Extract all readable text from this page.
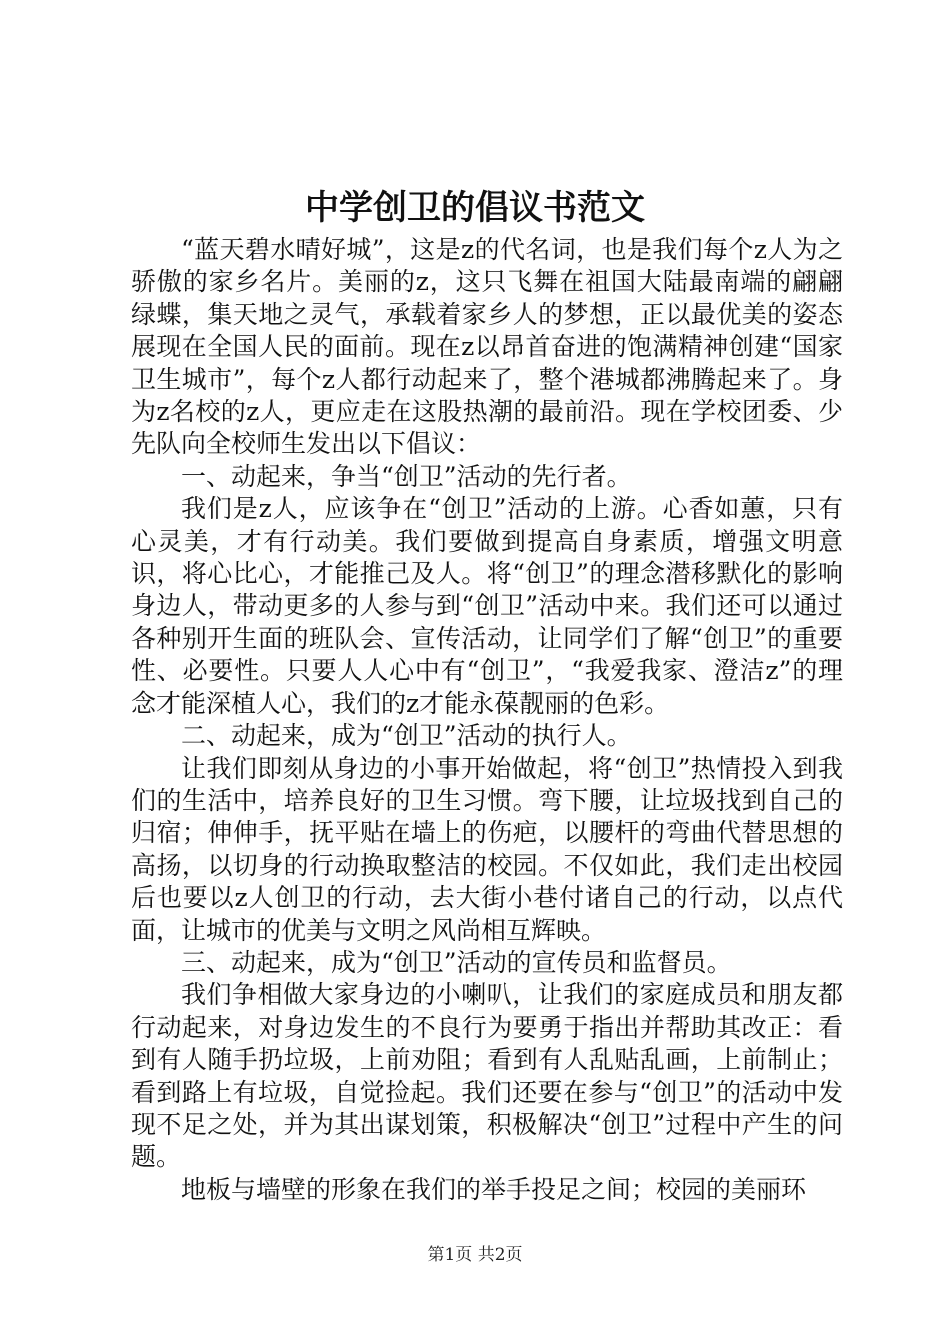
中学创卫的倡议书范文

“蓝天碧水晴好城”，这是z的代名词，也是我们每个z人为之骄傲的家乡名片。美丽的z，这只飞舞在祖国大陆最南端的翩翩绿蝶，集天地之灵气，承载着家乡人的梦想，正以最优美的姿态展现在全国人民的面前。现在z以昂首奋进的饱满精神创建“国家卫生城市”，每个z人都行动起来了，整个港城都沸腾起来了。身为z名校的z人，更应走在这股热潮的最前沿。现在学校团委、少先队向全校师生发出以下倡议：

一、动起来，争当“创卫”活动的先行者。

我们是z人，应该争在“创卫”活动的上游。心香如蕙，只有心灵美，才有行动美。我们要做到提高自身素质，增强文明意识，将心比心，才能推己及人。将“创卫”的理念潜移默化的影响身边人，带动更多的人参与到“创卫”活动中来。我们还可以通过各种别开生面的班队会、宣传活动，让同学们了解“创卫”的重要性、必要性。只要人人心中有“创卫”，“我爱我家、澄洁z”的理念才能深植人心，我们的z才能永葆靓丽的色彩。

二、动起来，成为“创卫”活动的执行人。

让我们即刻从身边的小事开始做起，将“创卫”热情投入到我们的生活中，培养良好的卫生习惯。弯下腰，让垃圾找到自己的归宿；伸伸手，抚平贴在墙上的伤疤，以腰杆的弯曲代替思想的高扬，以切身的行动换取整洁的校园。不仅如此，我们走出校园后也要以z人创卫的行动，去大街小巷付诸自己的行动，以点代面，让城市的优美与文明之风尚相互辉映。

三、动起来，成为“创卫”活动的宣传员和监督员。

我们争相做大家身边的小喇叭，让我们的家庭成员和朋友都行动起来，对身边发生的不良行为要勇于指出并帮助其改正：看到有人随手扔垃圾，上前劝阻；看到有人乱贴乱画，上前制止；看到路上有垃圾，自觉捡起。我们还要在参与“创卫”的活动中发现不足之处，并为其出谋划策，积极解决“创卫”过程中产生的问题。

地板与墙壁的形象在我们的举手投足之间；校园的美丽环

第1页 共2页
